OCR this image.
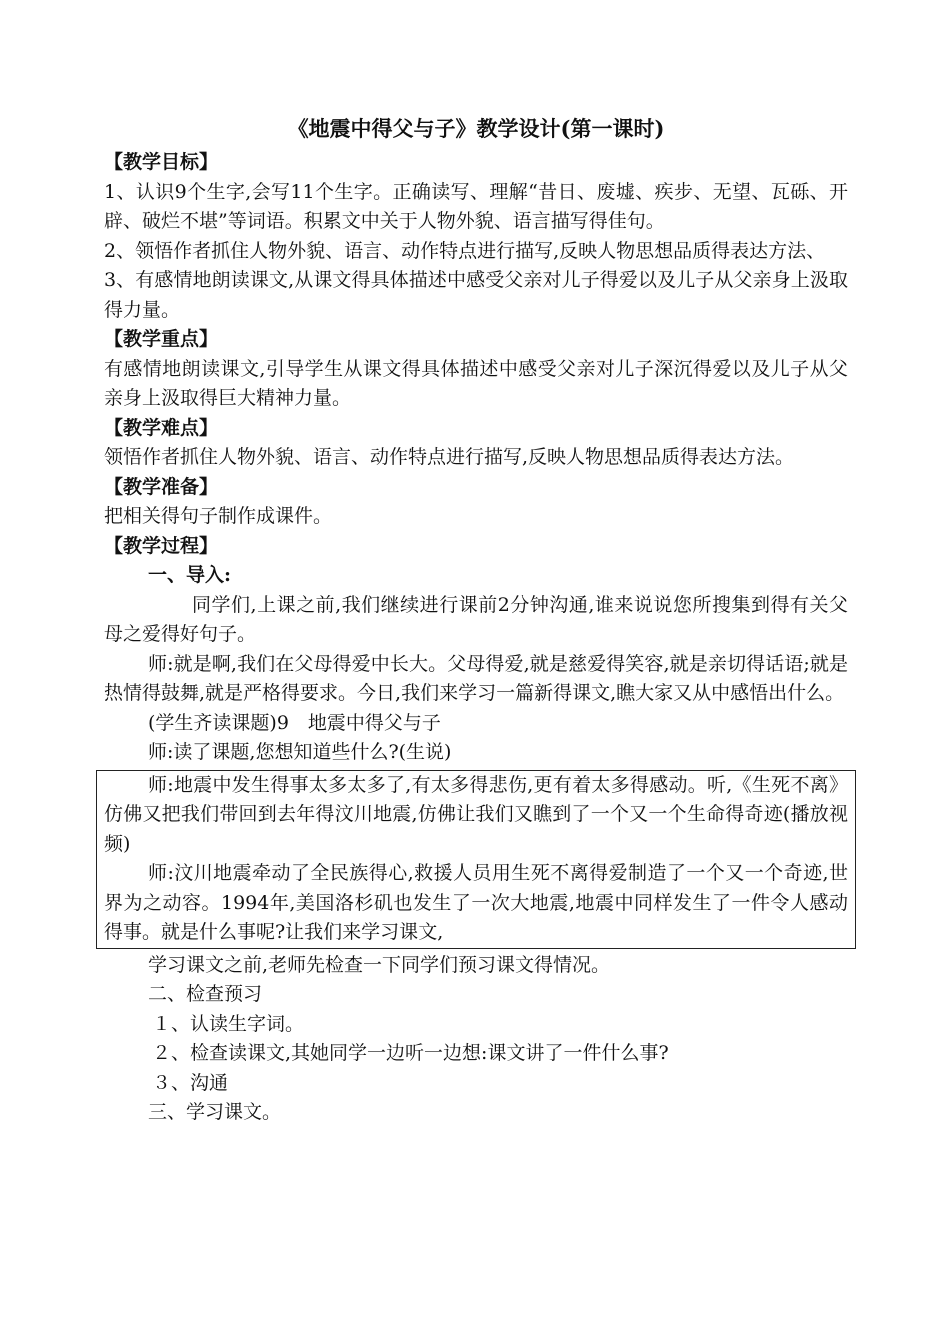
《地震中得父与子》教学设计(第一课时)
【教学目标】
1、认识9个生字,会写11个生字。正确读写、理解“昔日、废墟、疾步、无望、瓦砾、开辟、破烂不堪”等词语。积累文中关于人物外貌、语言描写得佳句。
2、领悟作者抓住人物外貌、语言、动作特点进行描写,反映人物思想品质得表达方法、
3、有感情地朗读课文,从课文得具体描述中感受父亲对儿子得爱以及儿子从父亲身上汲取得力量。
【教学重点】
有感情地朗读课文,引导学生从课文得具体描述中感受父亲对儿子深沉得爱以及儿子从父亲身上汲取得巨大精神力量。
【教学难点】
领悟作者抓住人物外貌、语言、动作特点进行描写,反映人物思想品质得表达方法。
【教学准备】
把相关得句子制作成课件。
【教学过程】
一、导入:
同学们,上课之前,我们继续进行课前2分钟沟通,谁来说说您所搜集到得有关父母之爱得好句子。
师:就是啊,我们在父母得爱中长大。父母得爱,就是慈爱得笑容,就是亲切得话语;就是热情得鼓舞,就是严格得要求。今日,我们来学习一篇新得课文,瞧大家又从中感悟出什么。
(学生齐读课题)9　地震中得父与子
师:读了课题,您想知道些什么?(生说)
师:地震中发生得事太多太多了,有太多得悲伤,更有着太多得感动。听,《生死不离》仿佛又把我们带回到去年得汶川地震,仿佛让我们又瞧到了一个又一个生命得奇迹(播放视频)
师:汶川地震牵动了全民族得心,救援人员用生死不离得爱制造了一个又一个奇迹,世界为之动容。1994年,美国洛杉矶也发生了一次大地震,地震中同样发生了一件令人感动得事。就是什么事呢?让我们来学习课文,
学习课文之前,老师先检查一下同学们预习课文得情况。
二、检查预习
１、认读生字词。
２、检查读课文,其她同学一边听一边想:课文讲了一件什么事?
３、沟通
三、学习课文。
